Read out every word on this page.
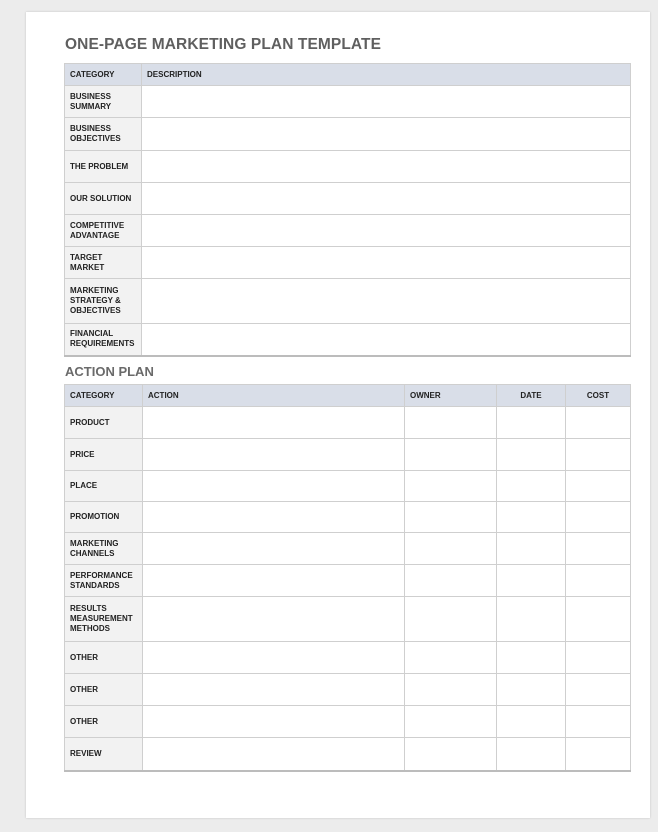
ONE-PAGE MARKETING PLAN TEMPLATE
CATEGORY	DESCRIPTION
BUSINESS SUMMARY	
BUSINESS OBJECTIVES	
THE PROBLEM	
OUR SOLUTION	
COMPETITIVE ADVANTAGE	
TARGET MARKET	
MARKETING STRATEGY & OBJECTIVES	
FINANCIAL REQUIREMENTS	
ACTION PLAN
CATEGORY	ACTION	OWNER	DATE	COST
PRODUCT				
PRICE				
PLACE				
PROMOTION				
MARKETING CHANNELS				
PERFORMANCE STANDARDS				
RESULTS MEASUREMENT METHODS				
OTHER				
OTHER				
OTHER				
REVIEW				
